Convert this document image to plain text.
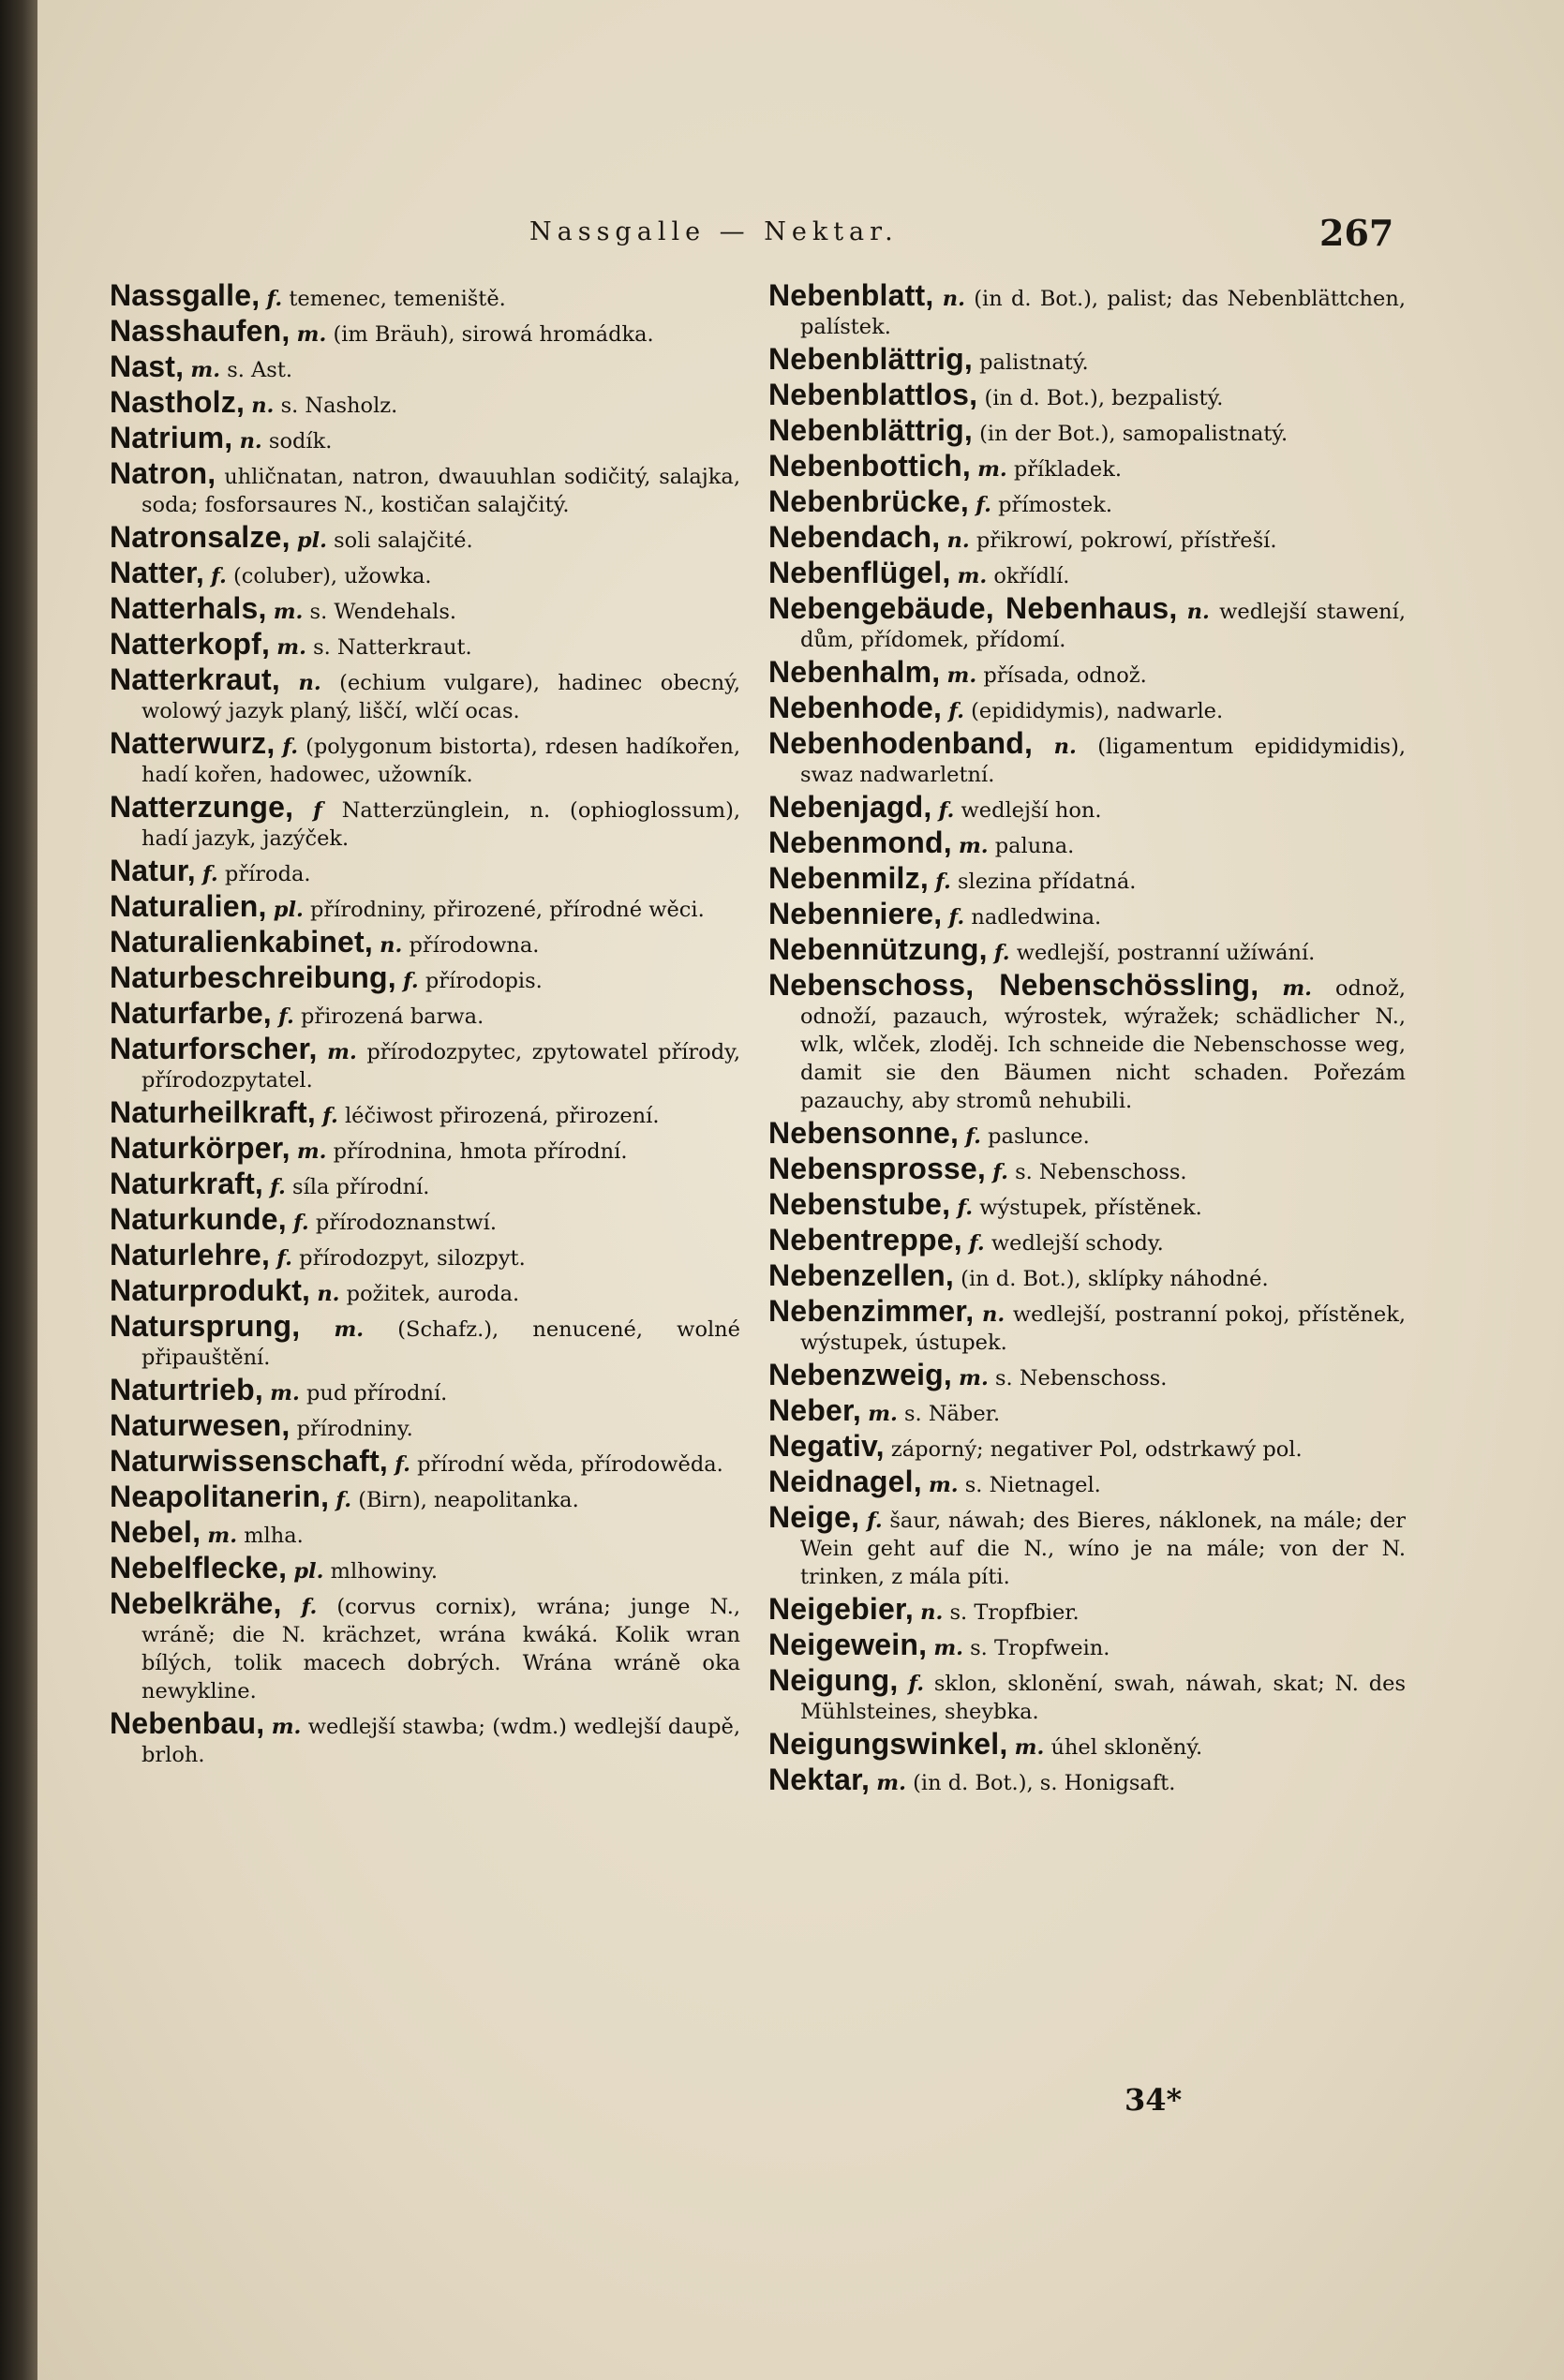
Nassgalle — Nektar.	267

Nassgalle, f. temenec, temeniště.

Nasshaufen, m. (im Bräuh), sirowá hromádka.

Nast, m. s. Ast.

Nastholz, n. s. Nasholz.

Natrium, n. sodík.

Natron, uhličnatan, natron, dwauuhlan sodičitý, salajka, soda; fosforsaures N., kostičan salajčitý.

Natronsalze, pl. soli salajčité.

Natter, f. (coluber), užowka.

Natterhals, m. s. Wendehals.

Natterkopf, m. s. Natterkraut.

Natterkraut, n. (echium vulgare), hadinec obecný, wolowý jazyk planý, liščí, wlčí ocas.

Natterwurz, f. (polygonum bistorta), rdesen hadíkořen, hadí kořen, hadowec, užowník.

Natterzunge, f Natterzünglein, n. (ophioglossum), hadí jazyk, jazýček.

Natur, f. příroda.

Naturalien, pl. přírodniny, přirozené, přírodné wěci.

Naturalienkabinet, n. přírodowna.

Naturbeschreibung, f. přírodopis.

Naturfarbe, f. přirozená barwa.

Naturforscher, m. přírodozpytec, zpytowatel přírody, přírodozpytatel.

Naturheilkraft, f. léčiwost přirozená, přirození.

Naturkörper, m. přírodnina, hmota přírodní.

Naturkraft, f. síla přírodní.

Naturkunde, f. přírodoznanstwí.

Naturlehre, f. přírodozpyt, silozpyt.

Naturprodukt, n. požitek, auroda.

Natursprung, m. (Schafz.), nenucené, wolné připauštění.

Naturtrieb, m. pud přírodní.

Naturwesen, přírodniny.

Naturwissenschaft, f. přírodní wěda, přírodowěda.

Neapolitanerin, f. (Birn), neapolitanka.

Nebel, m. mlha.

Nebelflecke, pl. mlhowiny.

Nebelkrähe, f. (corvus cornix), wrána; junge N., wráně; die N. krächzet, wrána kwáká. Kolik wran bílých, tolik macech dobrých. Wrána wráně oka newykline.

Nebenbau, m. wedlejší stawba; (wdm.) wedlejší daupě, brloh.

Nebenblatt, n. (in d. Bot.), palist; das Nebenblättchen, palístek.

Nebenblättrig, palistnatý.

Nebenblattlos, (in d. Bot.), bezpalistý.

Nebenblättrig, (in der Bot.), samopalistnatý.

Nebenbottich, m. příkladek.

Nebenbrücke, f. přímostek.

Nebendach, n. přikrowí, pokrowí, přístřeší.

Nebenflügel, m. okřídlí.

Nebengebäude, Nebenhaus, n. wedlejší stawení, dům, přídomek, přídomí.

Nebenhalm, m. přísada, odnož.

Nebenhode, f. (epididymis), nadwarle.

Nebenhodenband, n. (ligamentum epididymidis), swaz nadwarletní.

Nebenjagd, f. wedlejší hon.

Nebenmond, m. paluna.

Nebenmilz, f. slezina přídatná.

Nebenniere, f. nadledwina.

Nebennützung, f. wedlejší, postranní užíwání.

Nebenschoss, Nebenschössling, m. odnož, odnoží, pazauch, wýrostek, wýražek; schädlicher N., wlk, wlček, zloděj. Ich schneide die Nebenschosse weg, damit sie den Bäumen nicht schaden. Pořezám pazauchy, aby stromů nehubili.

Nebensonne, f. paslunce.

Nebensprosse, f. s. Nebenschoss.

Nebenstube, f. wýstupek, přístěnek.

Nebentreppe, f. wedlejší schody.

Nebenzellen, (in d. Bot.), sklípky náhodné.

Nebenzimmer, n. wedlejší, postranní pokoj, přístěnek, wýstupek, ústupek.

Nebenzweig, m. s. Nebenschoss.

Neber, m. s. Näber.

Negativ, záporný; negativer Pol, odstrkawý pol.

Neidnagel, m. s. Nietnagel.

Neige, f. šaur, náwah; des Bieres, náklonek, na mále; der Wein geht auf die N., wíno je na mále; von der N. trinken, z mála píti.

Neigebier, n. s. Tropfbier.

Neigewein, m. s. Tropfwein.

Neigung, f. sklon, sklonění, swah, náwah, skat; N. des Mühlsteines, sheybka.

Neigungswinkel, m. úhel skloněný.

Nektar, m. (in d. Bot.), s. Honigsaft.

34*
